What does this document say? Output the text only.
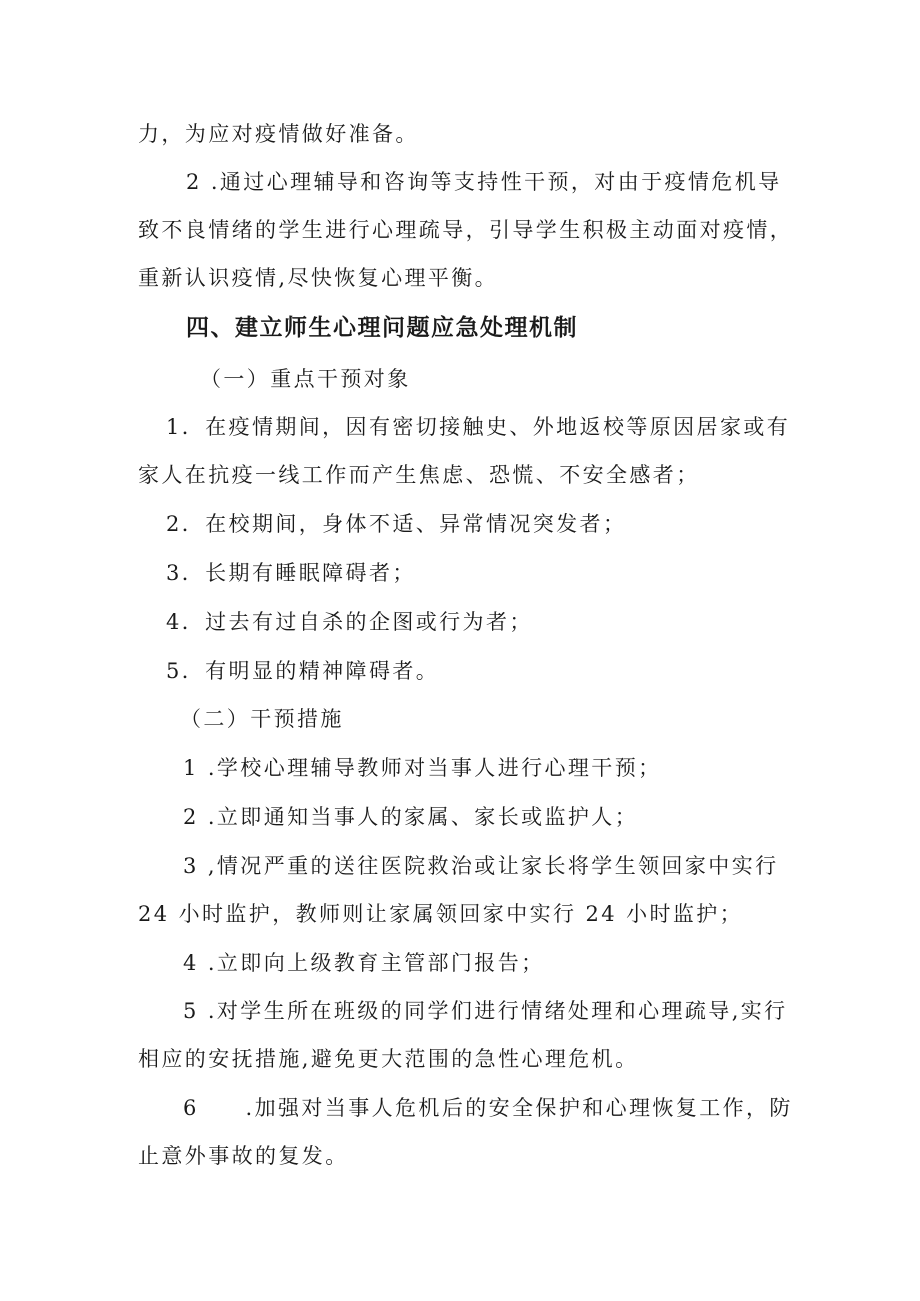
力，为应对疫情做好准备。
2 .通过心理辅导和咨询等支持性干预，对由于疫情危机导
致不良情绪的学生进行心理疏导，引导学生积极主动面对疫情，
重新认识疫情,尽快恢复心理平衡。
四、建立师生心理问题应急处理机制
（一）重点干预对象
1．在疫情期间，因有密切接触史、外地返校等原因居家或有
家人在抗疫一线工作而产生焦虑、恐慌、不安全感者；
2．在校期间，身体不适、异常情况突发者；
3．长期有睡眠障碍者；
4．过去有过自杀的企图或行为者；
5．有明显的精神障碍者。
（二）干预措施
1 .学校心理辅导教师对当事人进行心理干预；
2 .立即通知当事人的家属、家长或监护人；
3 ,情况严重的送往医院救治或让家长将学生领回家中实行
24 小时监护，教师则让家属领回家中实行 24 小时监护；
4 .立即向上级教育主管部门报告；
5 .对学生所在班级的同学们进行情绪处理和心理疏导,实行
相应的安抚措施,避免更大范围的急性心理危机。
6　　.加强对当事人危机后的安全保护和心理恢复工作，防
止意外事故的复发。
